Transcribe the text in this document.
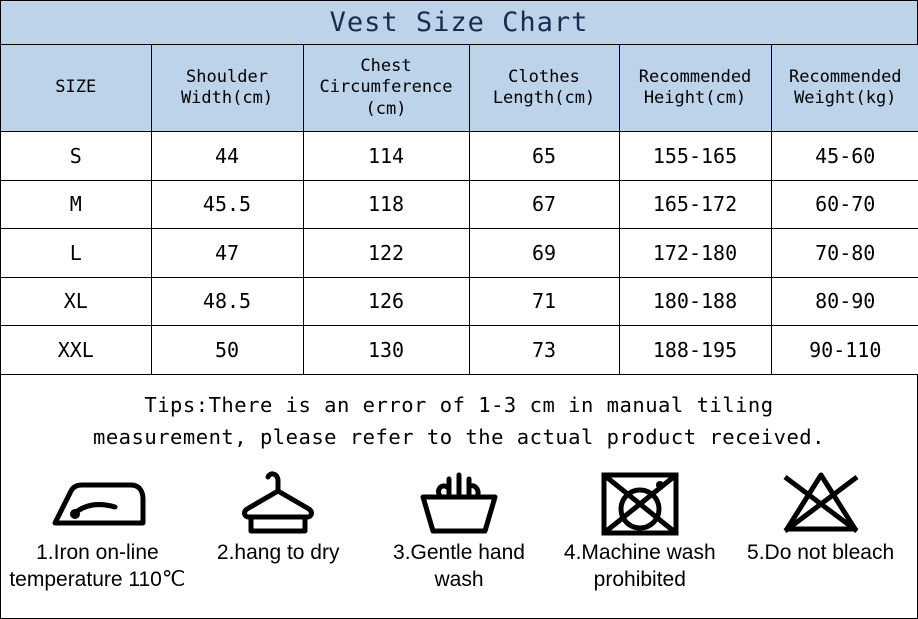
Vest Size Chart
SIZE	Shoulder Width(cm)	Chest Circumference (cm)	Clothes Length(cm)	Recommended Height(cm)	Recommended Weight(kg)
S	44	114	65	155-165	45-60
M	45.5	118	67	165-172	60-70
L	47	122	69	172-180	70-80
XL	48.5	126	71	180-188	80-90
XXL	50	130	73	188-195	90-110
Tips:There is an error of 1-3 cm in manual tiling
measurement, please refer to the actual product received.
1.Iron on-line temperature 110℃
2.hang to dry	3.Gentle hand wash
4.Machine wash prohibited
5.Do not bleach
